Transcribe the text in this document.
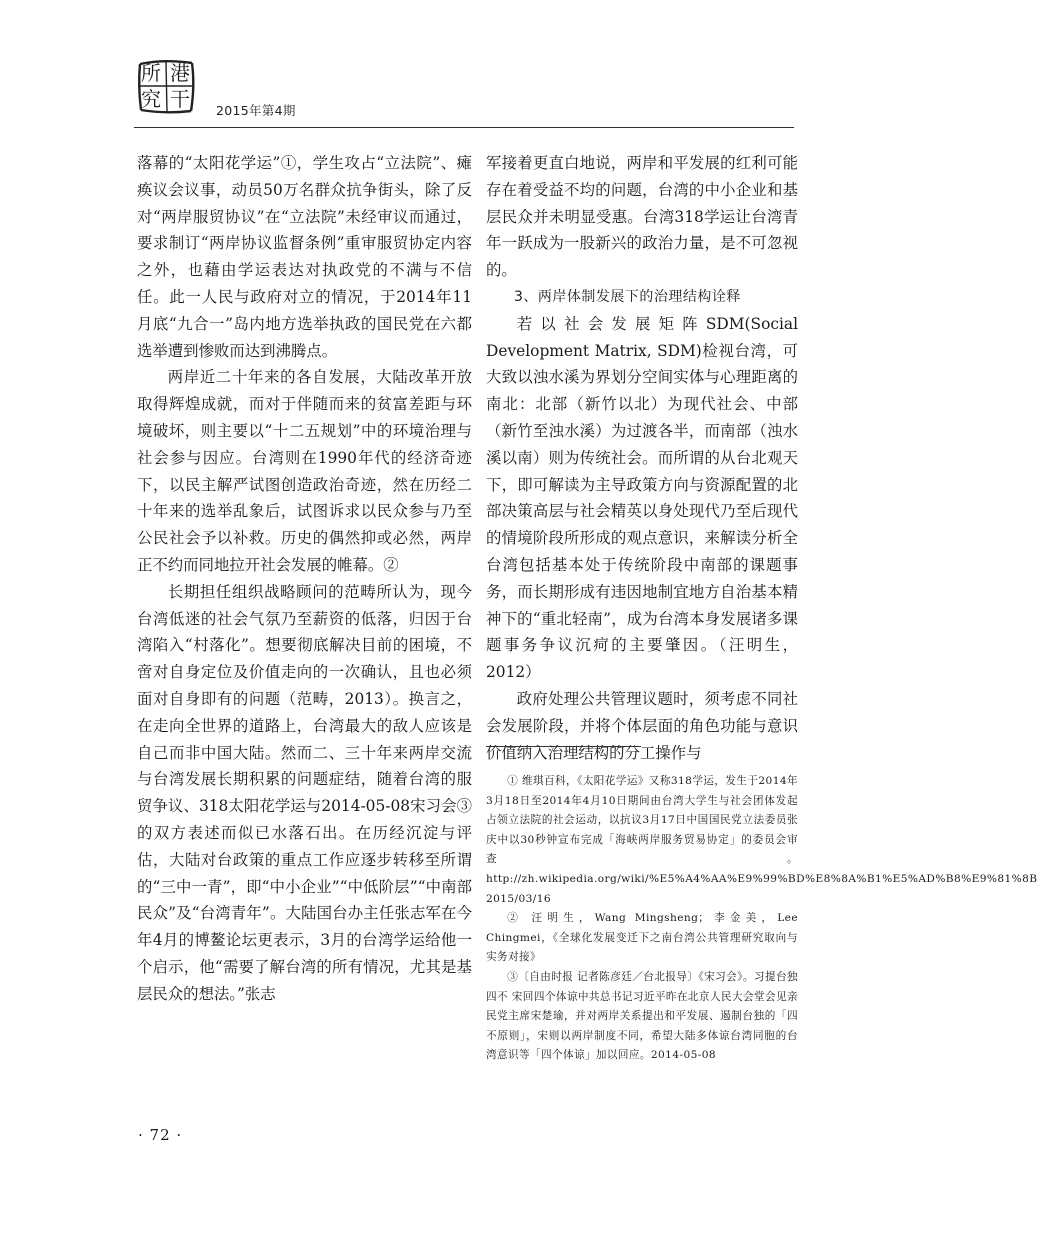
所 港
究 干 2015年第4期

落幕的“太阳花学运”①，学生攻占“立法院”、瘫痪议会议事，动员50万名群众抗争街头，除了反对“两岸服贸协议”在“立法院”未经审议而通过，要求制订“两岸协议监督条例”重审服贸协定内容之外，也藉由学运表达对执政党的不满与不信任。此一人民与政府对立的情况，于2014年11月底“九合一”岛内地方选举执政的国民党在六都选举遭到惨败而达到沸腾点。

两岸近二十年来的各自发展，大陆改革开放取得辉煌成就，而对于伴随而来的贫富差距与环境破坏，则主要以“十二五规划”中的环境治理与社会参与因应。台湾则在1990年代的经济奇迹下，以民主解严试图创造政治奇迹，然在历经二十年来的选举乱象后，试图诉求以民众参与乃至公民社会予以补救。历史的偶然抑或必然，两岸正不约而同地拉开社会发展的帷幕。②

长期担任组织战略顾问的范畴所认为，现今台湾低迷的社会气氛乃至薪资的低落，归因于台湾陷入“村落化”。想要彻底解决目前的困境，不啻对自身定位及价值走向的一次确认，且也必须面对自身即有的问题（范畴，2013）。换言之，在走向全世界的道路上，台湾最大的敌人应该是自己而非中国大陆。然而二、三十年来两岸交流与台湾发展长期积累的问题症结，随着台湾的服贸争议、318太阳花学运与2014-05-08宋习会③的双方表述而似已水落石出。在历经沉淀与评估，大陆对台政策的重点工作应逐步转移至所谓的“三中一青”，即“中小企业”“中低阶层”“中南部民众”及“台湾青年”。大陆国台办主任张志军在今年4月的博鳌论坛更表示，3月的台湾学运给他一个启示，他“需要了解台湾的所有情况，尤其是基层民众的想法。”张志

军接着更直白地说，两岸和平发展的红利可能存在着受益不均的问题，台湾的中小企业和基层民众并未明显受惠。台湾318学运让台湾青年一跃成为一股新兴的政治力量，是不可忽视的。

3、两岸体制发展下的治理结构诠释

若以社会发展矩阵SDM(Social Development Matrix, SDM)检视台湾，可大致以浊水溪为界划分空间实体与心理距离的南北：北部（新竹以北）为现代社会、中部（新竹至浊水溪）为过渡各半，而南部（浊水溪以南）则为传统社会。而所谓的从台北观天下，即可解读为主导政策方向与资源配置的北部决策高层与社会精英以身处现代乃至后现代的情境阶段所形成的观点意识，来解读分析全台湾包括基本处于传统阶段中南部的课题事务，而长期形成有违因地制宜地方自治基本精神下的“重北轻南”，成为台湾本身发展诸多课题事务争议沉疴的主要肇因。（汪明生，2012）

政府处理公共管理议题时，须考虑不同社会发展阶段，并将个体层面的角色功能与意识价值纳入治理结构的分工操作与

① 维琪百科，《太阳花学运》又称318学运，发生于2014年3月18日至2014年4月10日期间由台湾大学生与社会团体发起占领立法院的社会运动，以抗议3月17日中国国民党立法委员张庆中以30秒钟宣布完成「海峡两岸服务贸易协定」的委员会审查。http://zh.wikipedia.org/wiki/%E5%A4%AA%E9%99%BD%E8%8A%B1%E5%AD%B8%E9%81%8B 2015/03/16

② 汪明生，Wang Mingsheng；李金美，Lee Chingmei，《全球化发展变迁下之南台湾公共管理研究取向与实务对接》

③〔自由时报 记者陈彦廷／台北报导〕《宋习会》。习提台独四不 宋回四个体谅中共总书记习近平昨在北京人民大会堂会见亲民党主席宋楚瑜，并对两岸关系提出和平发展、遏制台独的「四不原则」，宋则以两岸制度不同，希望大陆多体谅台湾同胞的台湾意识等「四个体谅」加以回应。2014-05-08

· 72 ·
